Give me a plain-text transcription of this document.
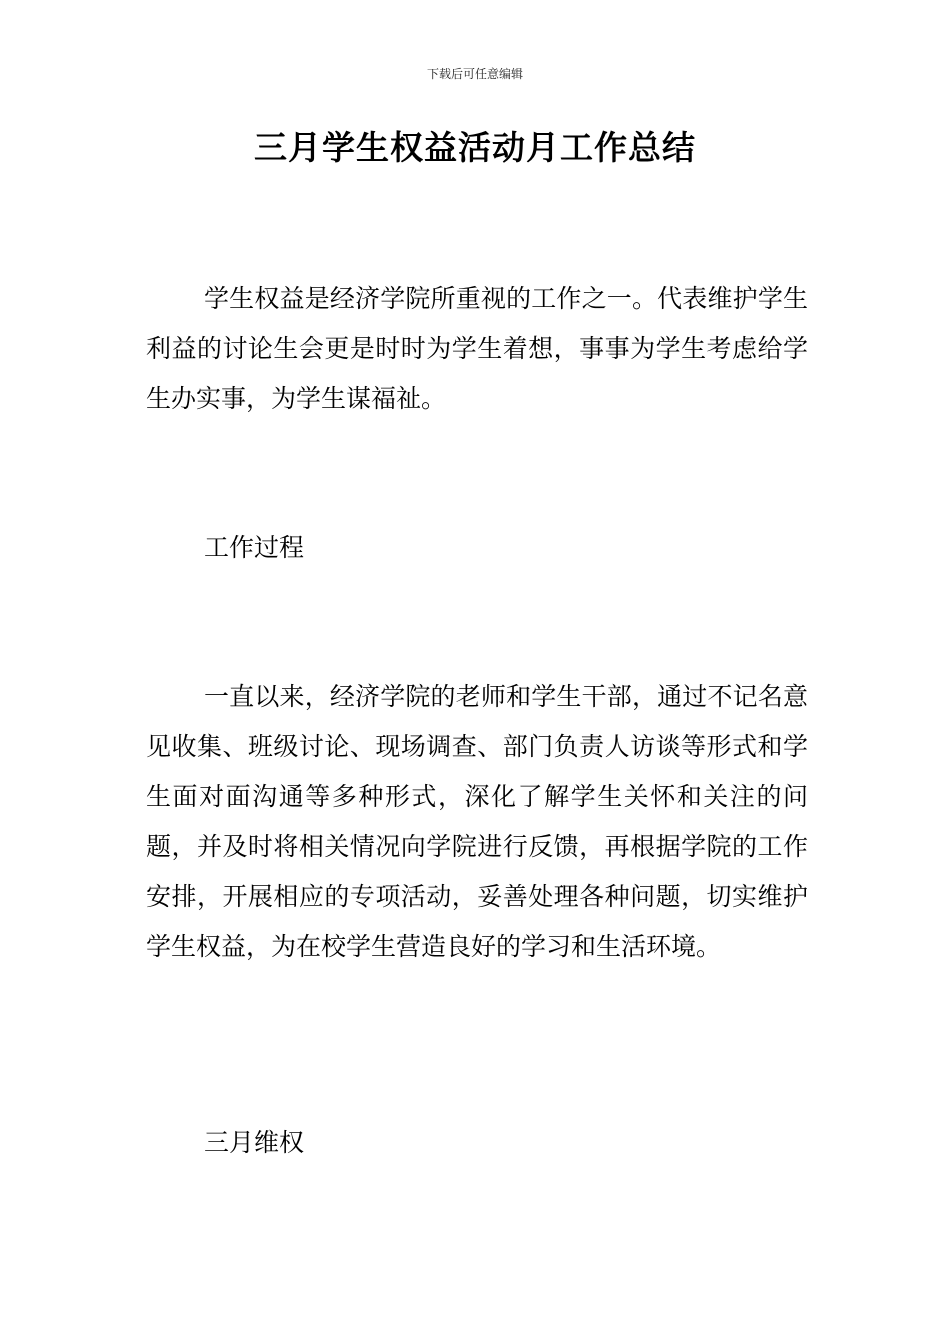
下载后可任意编辑
三月学生权益活动月工作总结

学生权益是经济学院所重视的工作之一。代表维护学生利益的讨论生会更是时时为学生着想，事事为学生考虑给学生办实事，为学生谋福祉。

工作过程

一直以来，经济学院的老师和学生干部，通过不记名意见收集、班级讨论、现场调查、部门负责人访谈等形式和学生面对面沟通等多种形式，深化了解学生关怀和关注的问题，并及时将相关情况向学院进行反馈，再根据学院的工作安排，开展相应的专项活动，妥善处理各种问题，切实维护学生权益，为在校学生营造良好的学习和生活环境。

三月维权
